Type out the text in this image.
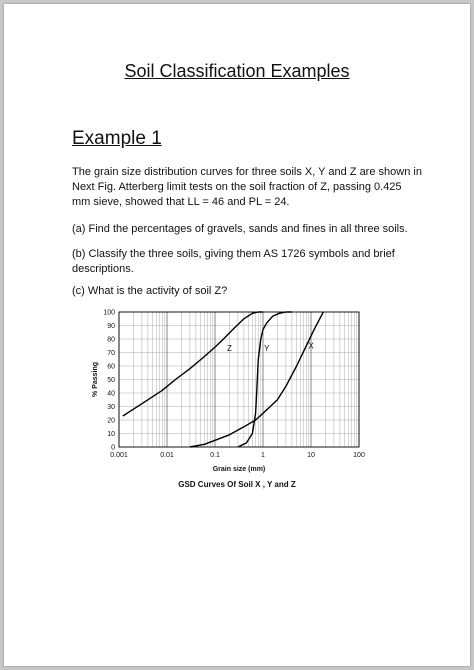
Soil Classification Examples
Example 1

The grain size distribution curves for three soils X, Y and Z are shown in Next Fig. Atterberg limit tests on the soil fraction of Z, passing 0.425 mm sieve, showed that LL = 46 and PL = 24.

(a) Find the percentages of gravels, sands and fines in all three soils.

(b) Classify the three soils, giving them AS 1726 symbols and brief descriptions.

(c) What is the activity of soil Z?

0
10
20
30
40
50
60
70
80
90
100
0.001	0.01	0.1	1	10	100
Grain size (mm)
% Passing
Z	Y	X
GSD Curves Of Soil X , Y and Z
